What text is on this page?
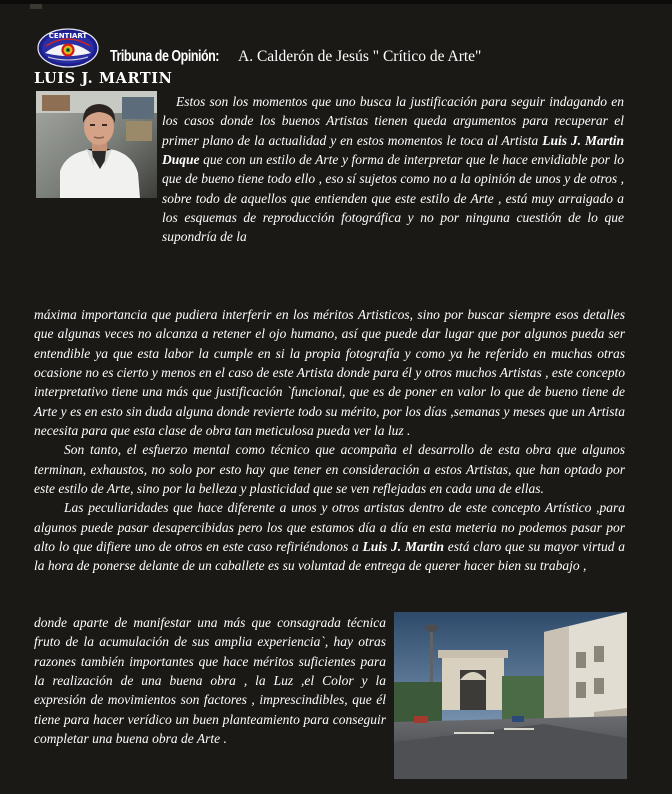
CENTIART
Tribuna de Opinión: A. Calderón de Jesús " Crítico de Arte"
LUIS J. MARTIN

Estos son los momentos que uno busca la justificación para seguir indagando en los casos donde los buenos Artistas tienen queda argumentos para recuperar el primer plano de la actualidad y en estos momentos le toca al Artista Luis J. Martin Duque que con un estilo de Arte y forma de interpretar que le hace envidiable por lo que de bueno tiene todo ello , eso sí sujetos como no a la opinión de unos y de otros , sobre todo de aquellos que entienden que este estilo de Arte , está muy arraigado a los esquemas de reproducción fotográfica y no por ninguna cuestión de lo que supondría de la

máxima importancia que pudiera interferir en los méritos Artisticos, sino por buscar siempre esos detalles que algunas veces no alcanza a retener el ojo humano, así que puede dar lugar que por algunos pueda ser entendible ya que esta labor la cumple en si la propia fotografía y como ya he referido en muchas otras ocasione no es cierto y menos en el caso de este Artista donde para él y otros muchos Artistas , este concepto interpretativo tiene una más que justificación `funcional, que es de poner en valor lo que de bueno tiene de Arte y es en esto sin duda alguna donde revierte todo su mérito, por los días ,semanas y meses que un Artista necesita para que esta clase de obra tan meticulosa pueda ver la luz .

Son tanto, el esfuerzo mental como técnico que acompaña el desarrollo de esta obra que algunos terminan, exhaustos, no solo por esto hay que tener en consideración a estos Artistas, que han optado por este estilo de Arte, sino por la belleza y plasticidad que se ven reflejadas en cada una de ellas.

Las peculiaridades que hace diferente a unos y otros artistas dentro de este concepto Artístico ,para algunos puede pasar desapercibidas pero los que estamos día a día en esta meteria no podemos pasar por alto lo que difiere uno de otros en este caso refiriéndonos a Luis J. Martin está claro que su mayor virtud a la hora de ponerse delante de un caballete es su voluntad de entrega de querer hacer bien su trabajo ,

donde aparte de manifestar una más que consagrada técnica fruto de la acumulación de sus amplia experiencia`, hay otras razones también importantes que hace méritos suficientes para la realización de una buena obra , la Luz ,el Color y la expresión de movimientos son factores , imprescindibles, que él tiene para hacer verídico un buen planteamiento para conseguir completar una buena obra de Arte .
